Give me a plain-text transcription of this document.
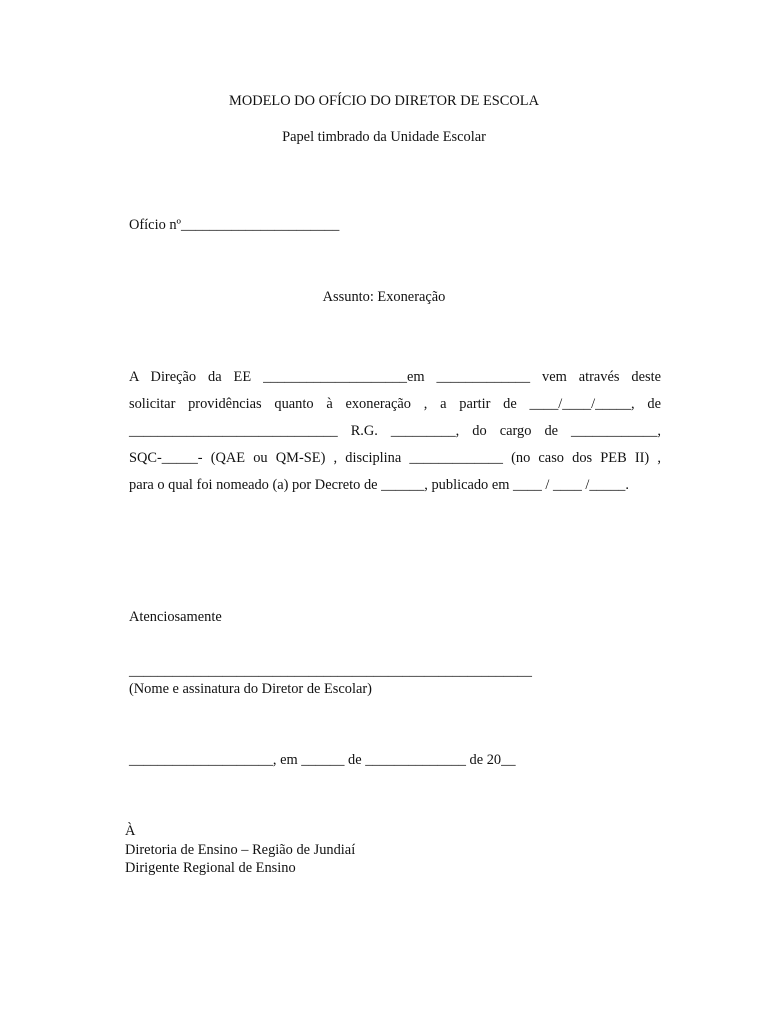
MODELO DO OFÍCIO DO DIRETOR DE ESCOLA
Papel timbrado da Unidade Escolar
Ofício nº______________________
Assunto: Exoneração
A Direção da EE ____________________em _____________ vem através deste
solicitar providências quanto à exoneração , a partir de ____/____/_____, de
_____________________________ R.G. _________, do cargo de ____________,
SQC-_____- (QAE ou QM-SE) , disciplina _____________ (no caso dos PEB II) ,
para o qual foi nomeado (a) por Decreto de ______, publicado em ____ / ____ /_____.
Atenciosamente
________________________________________________________
(Nome e assinatura do Diretor de Escolar)
____________________, em ______ de ______________ de 20__
À
Diretoria de Ensino – Região de Jundiaí
Dirigente Regional de Ensino
